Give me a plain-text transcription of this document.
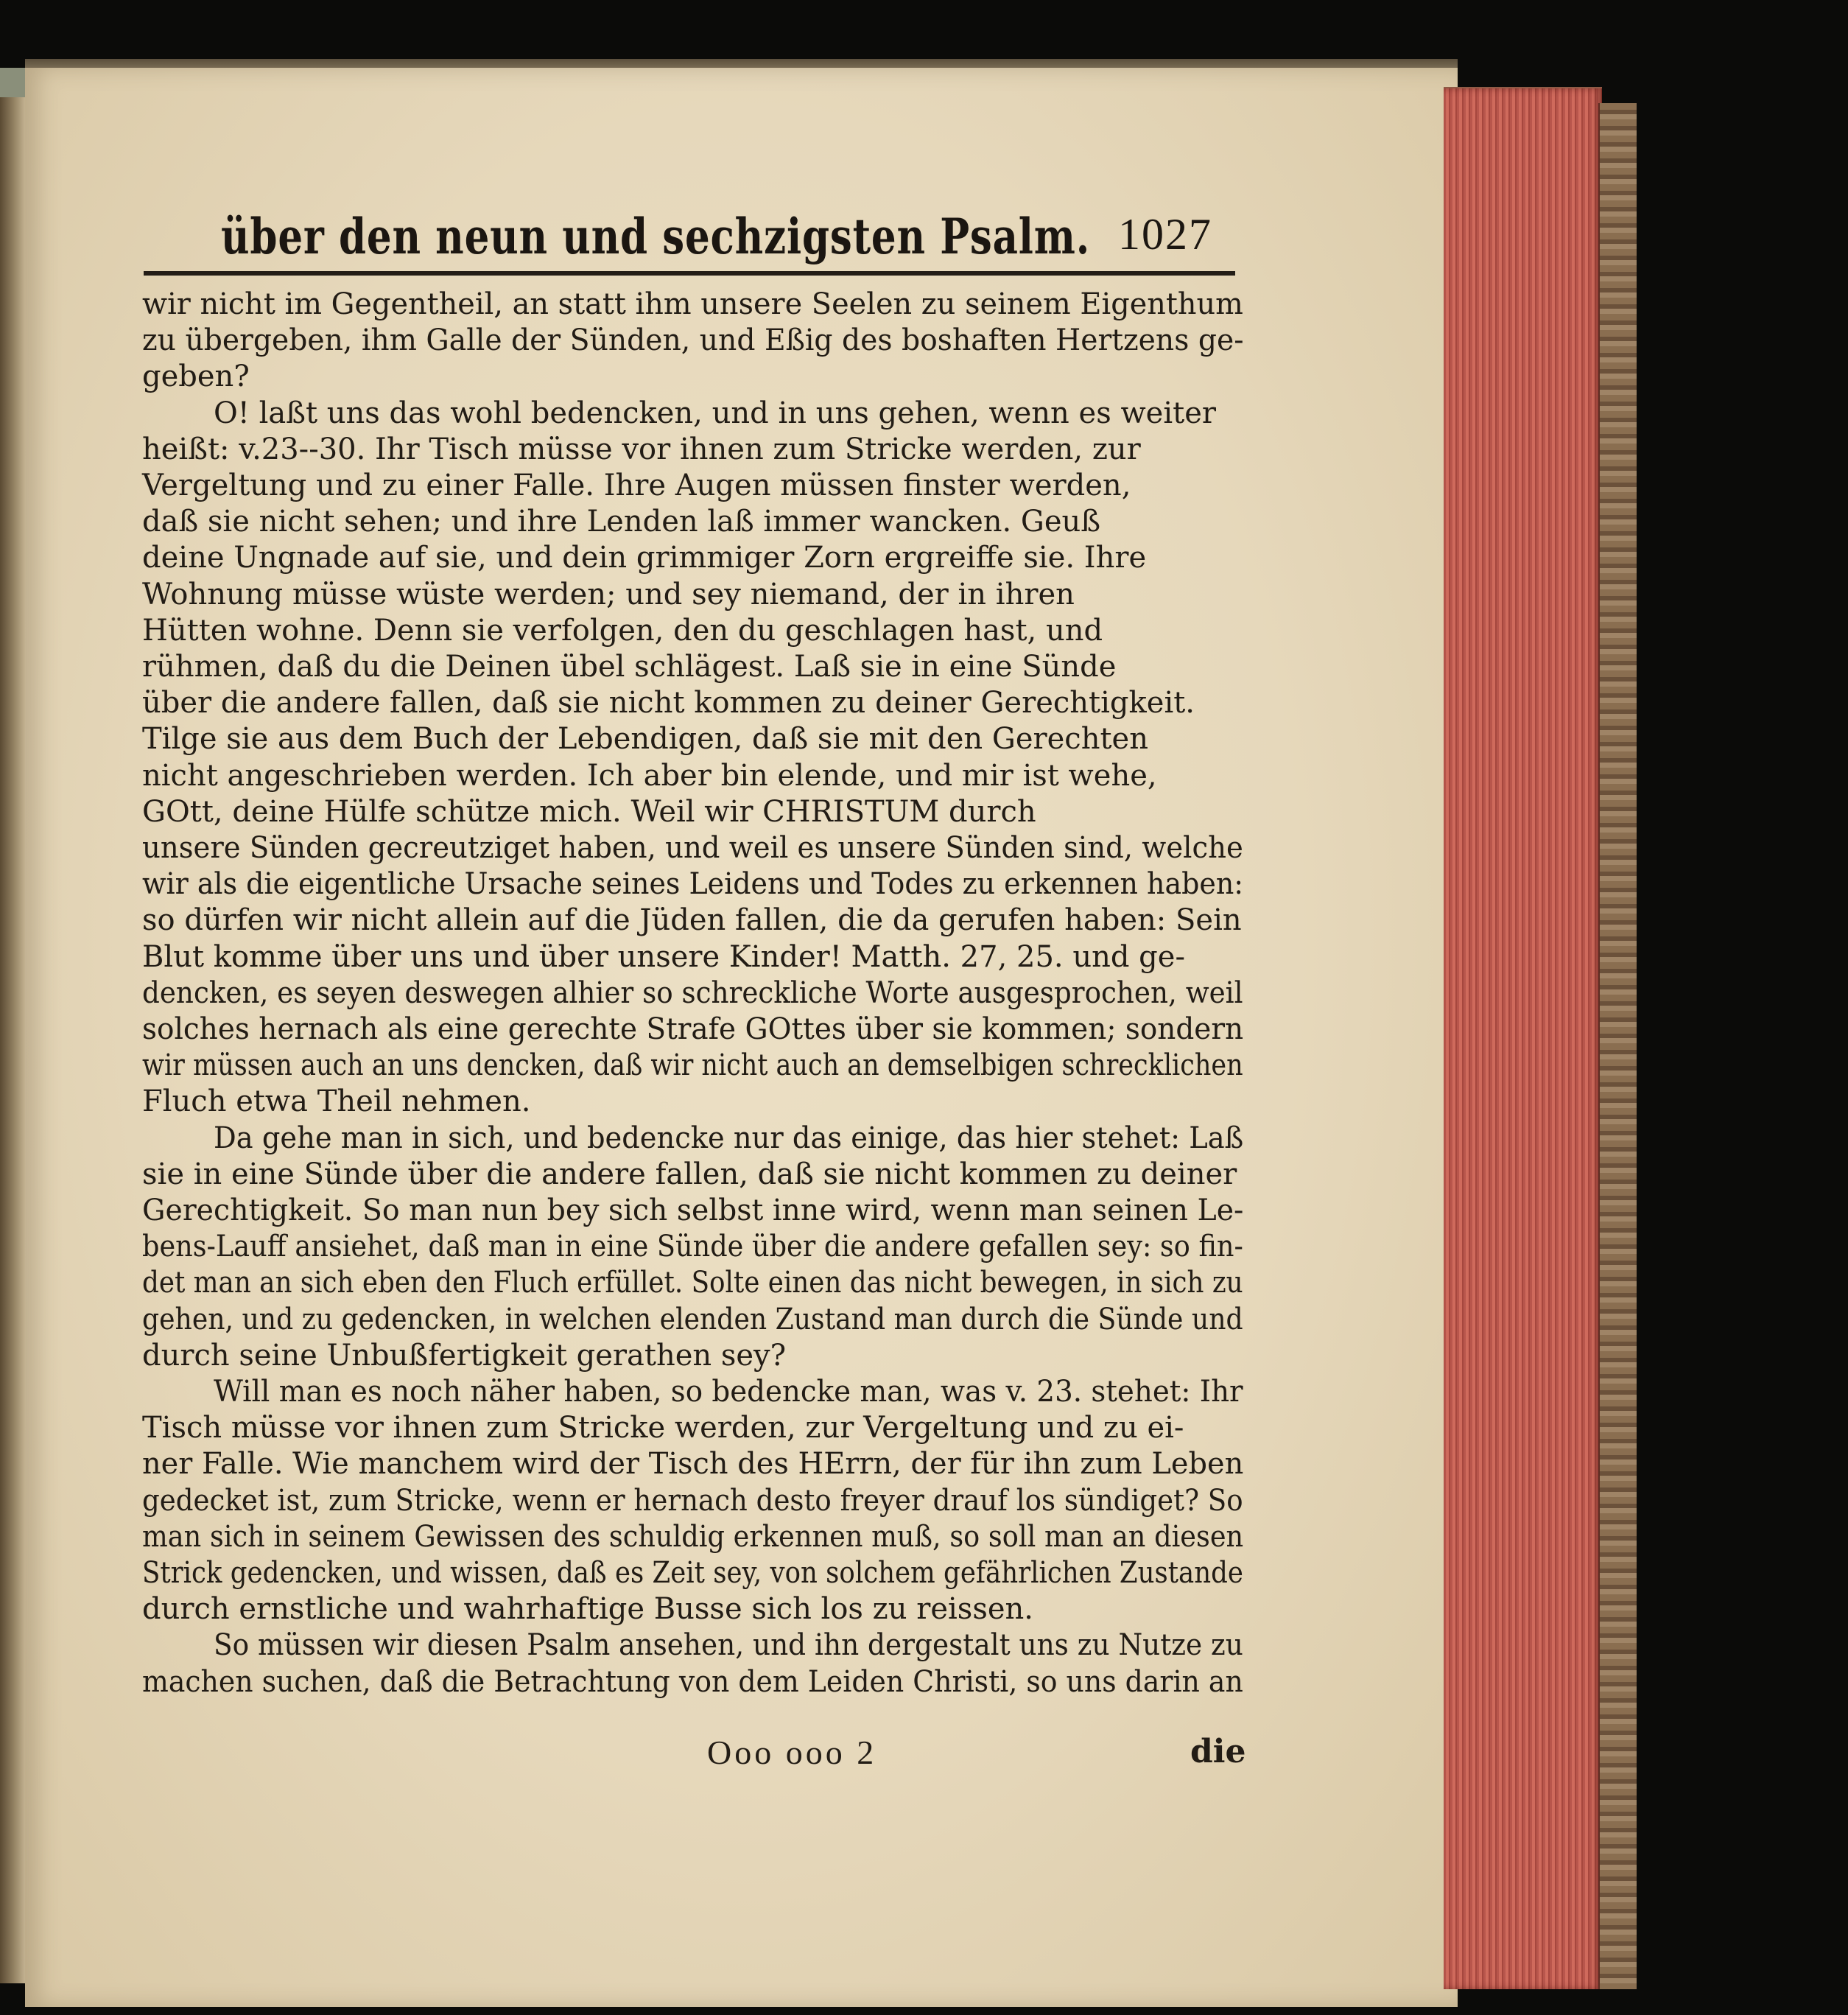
über den neun und sechzigsten Psalm. 1027
wir nicht im Gegentheil, an statt ihm unsere Seelen zu seinem Eigenthum
zu übergeben, ihm Galle der Sünden, und Eßig des boshaften Hertzens ge-
geben?
O! laßt uns das wohl bedencken, und in uns gehen, wenn es weiter
heißt: v.23--30. Ihr Tisch müsse vor ihnen zum Stricke werden, zur
Vergeltung und zu einer Falle. Ihre Augen müssen finster werden,
daß sie nicht sehen; und ihre Lenden laß immer wancken. Geuß
deine Ungnade auf sie, und dein grimmiger Zorn ergreiffe sie. Ihre
Wohnung müsse wüste werden; und sey niemand, der in ihren
Hütten wohne. Denn sie verfolgen, den du geschlagen hast, und
rühmen, daß du die Deinen übel schlägest. Laß sie in eine Sünde
über die andere fallen, daß sie nicht kommen zu deiner Gerechtigkeit.
Tilge sie aus dem Buch der Lebendigen, daß sie mit den Gerechten
nicht angeschrieben werden. Ich aber bin elende, und mir ist wehe,
GOtt, deine Hülfe schütze mich. Weil wir CHRISTUM durch
unsere Sünden gecreutziget haben, und weil es unsere Sünden sind, welche
wir als die eigentliche Ursache seines Leidens und Todes zu erkennen haben:
so dürfen wir nicht allein auf die Jüden fallen, die da gerufen haben: Sein
Blut komme über uns und über unsere Kinder! Matth. 27, 25. und ge-
dencken, es seyen deswegen alhier so schreckliche Worte ausgesprochen, weil
solches hernach als eine gerechte Strafe GOttes über sie kommen; sondern
wir müssen auch an uns dencken, daß wir nicht auch an demselbigen schrecklichen
Fluch etwa Theil nehmen.
Da gehe man in sich, und bedencke nur das einige, das hier stehet: Laß
sie in eine Sünde über die andere fallen, daß sie nicht kommen zu deiner
Gerechtigkeit. So man nun bey sich selbst inne wird, wenn man seinen Le-
bens-Lauff ansiehet, daß man in eine Sünde über die andere gefallen sey: so fin-
det man an sich eben den Fluch erfüllet. Solte einen das nicht bewegen, in sich zu
gehen, und zu gedencken, in welchen elenden Zustand man durch die Sünde und
durch seine Unbußfertigkeit gerathen sey?
Will man es noch näher haben, so bedencke man, was v. 23. stehet: Ihr
Tisch müsse vor ihnen zum Stricke werden, zur Vergeltung und zu ei-
ner Falle. Wie manchem wird der Tisch des HErrn, der für ihn zum Leben
gedecket ist, zum Stricke, wenn er hernach desto freyer drauf los sündiget? So
man sich in seinem Gewissen des schuldig erkennen muß, so soll man an diesen
Strick gedencken, und wissen, daß es Zeit sey, von solchem gefährlichen Zustande
durch ernstliche und wahrhaftige Busse sich los zu reissen.
So müssen wir diesen Psalm ansehen, und ihn dergestalt uns zu Nutze zu
machen suchen, daß die Betrachtung von dem Leiden Christi, so uns darin an
Ooo ooo 2	die
